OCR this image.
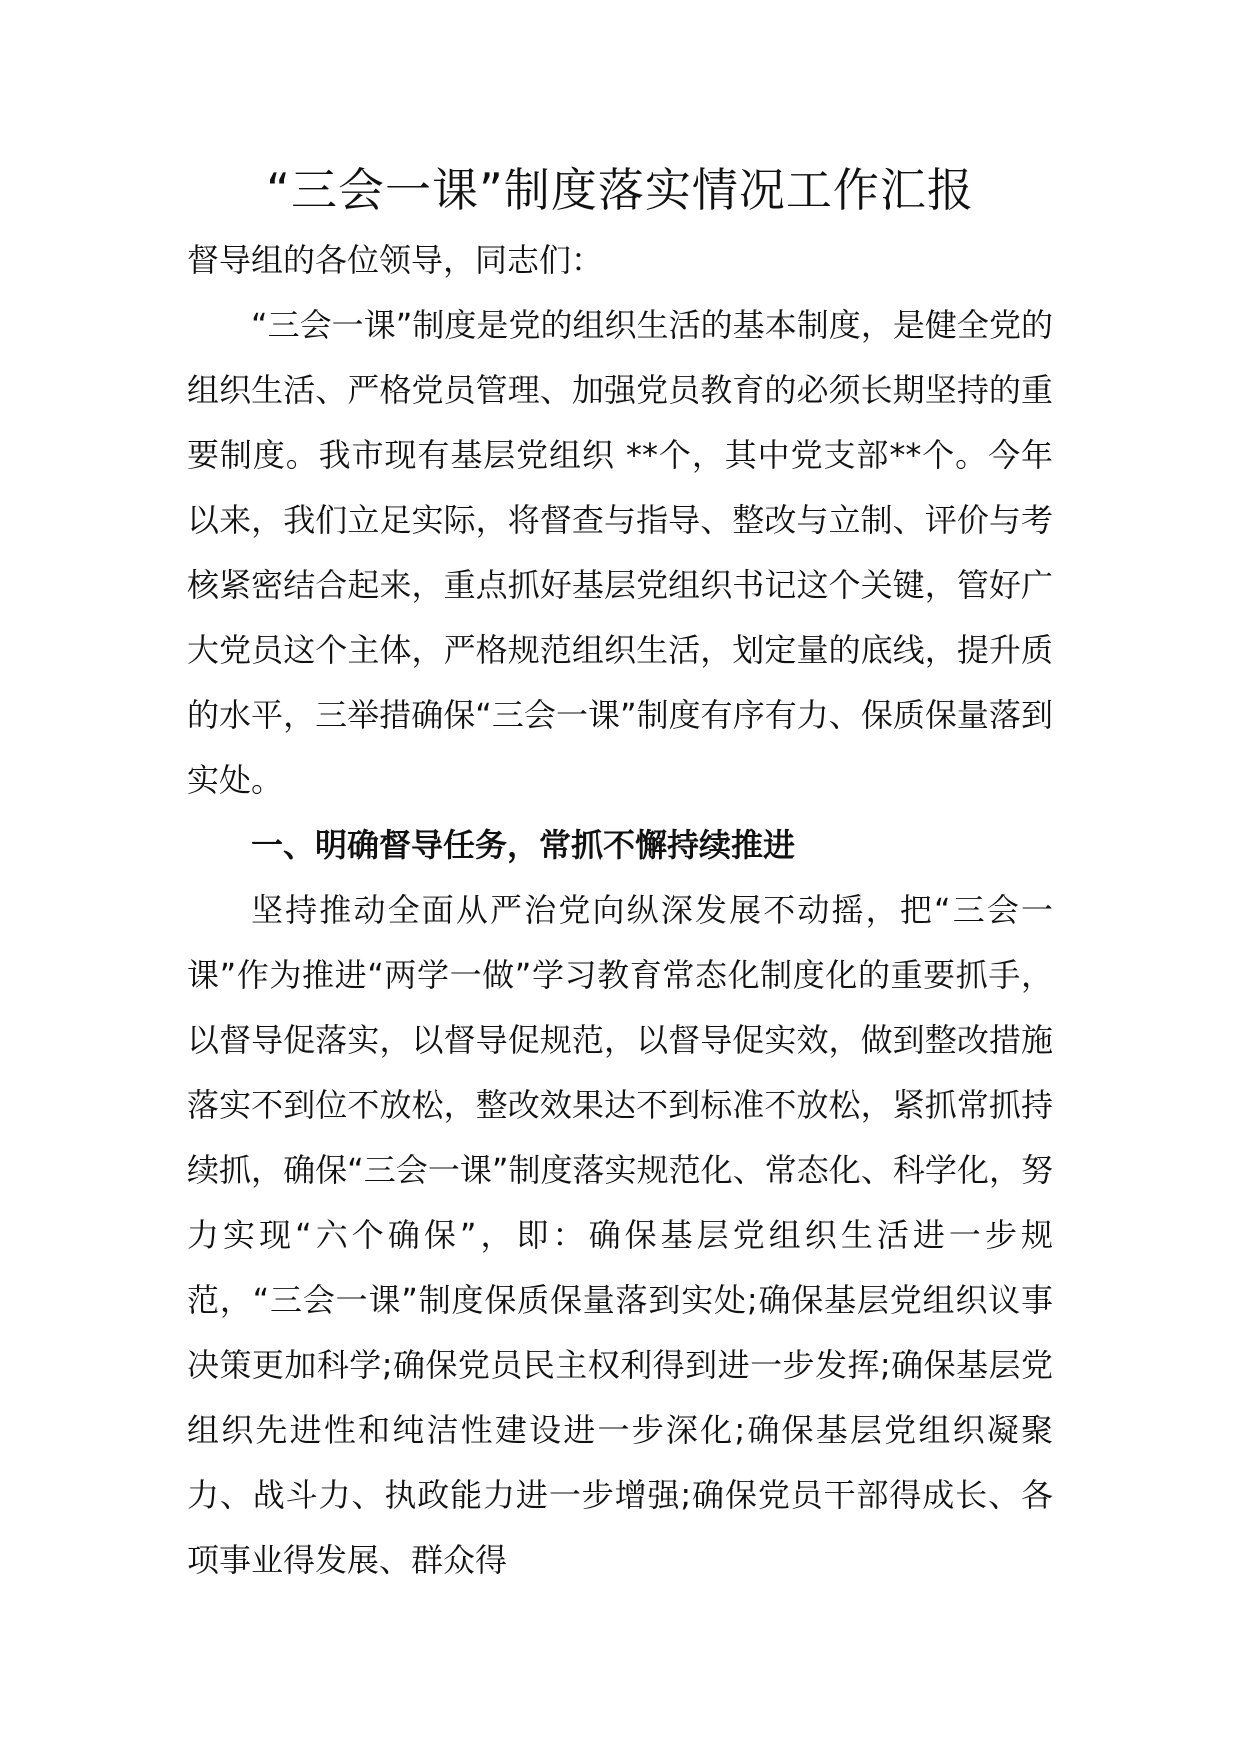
“三会一课”制度落实情况工作汇报

督导组的各位领导，同志们：

“三会一课”制度是党的组织生活的基本制度，是健全党的组织生活、严格党员管理、加强党员教育的必须长期坚持的重要制度。我市现有基层党组织 **个，其中党支部**个。今年以来，我们立足实际，将督查与指导、整改与立制、评价与考核紧密结合起来，重点抓好基层党组织书记这个关键，管好广大党员这个主体，严格规范组织生活，划定量的底线，提升质的水平，三举措确保“三会一课”制度有序有力、保质保量落到实处。

一、明确督导任务，常抓不懈持续推进

坚持推动全面从严治党向纵深发展不动摇，把“三会一课”作为推进“两学一做”学习教育常态化制度化的重要抓手，以督导促落实，以督导促规范，以督导促实效，做到整改措施落实不到位不放松，整改效果达不到标准不放松，紧抓常抓持续抓，确保“三会一课”制度落实规范化、常态化、科学化，努力实现“六个确保”，即：确保基层党组织生活进一步规范，“三会一课”制度保质保量落到实处;确保基层党组织议事决策更加科学;确保党员民主权利得到进一步发挥;确保基层党组织先进性和纯洁性建设进一步深化;确保基层党组织凝聚力、战斗力、执政能力进一步增强;确保党员干部得成长、各项事业得发展、群众得
